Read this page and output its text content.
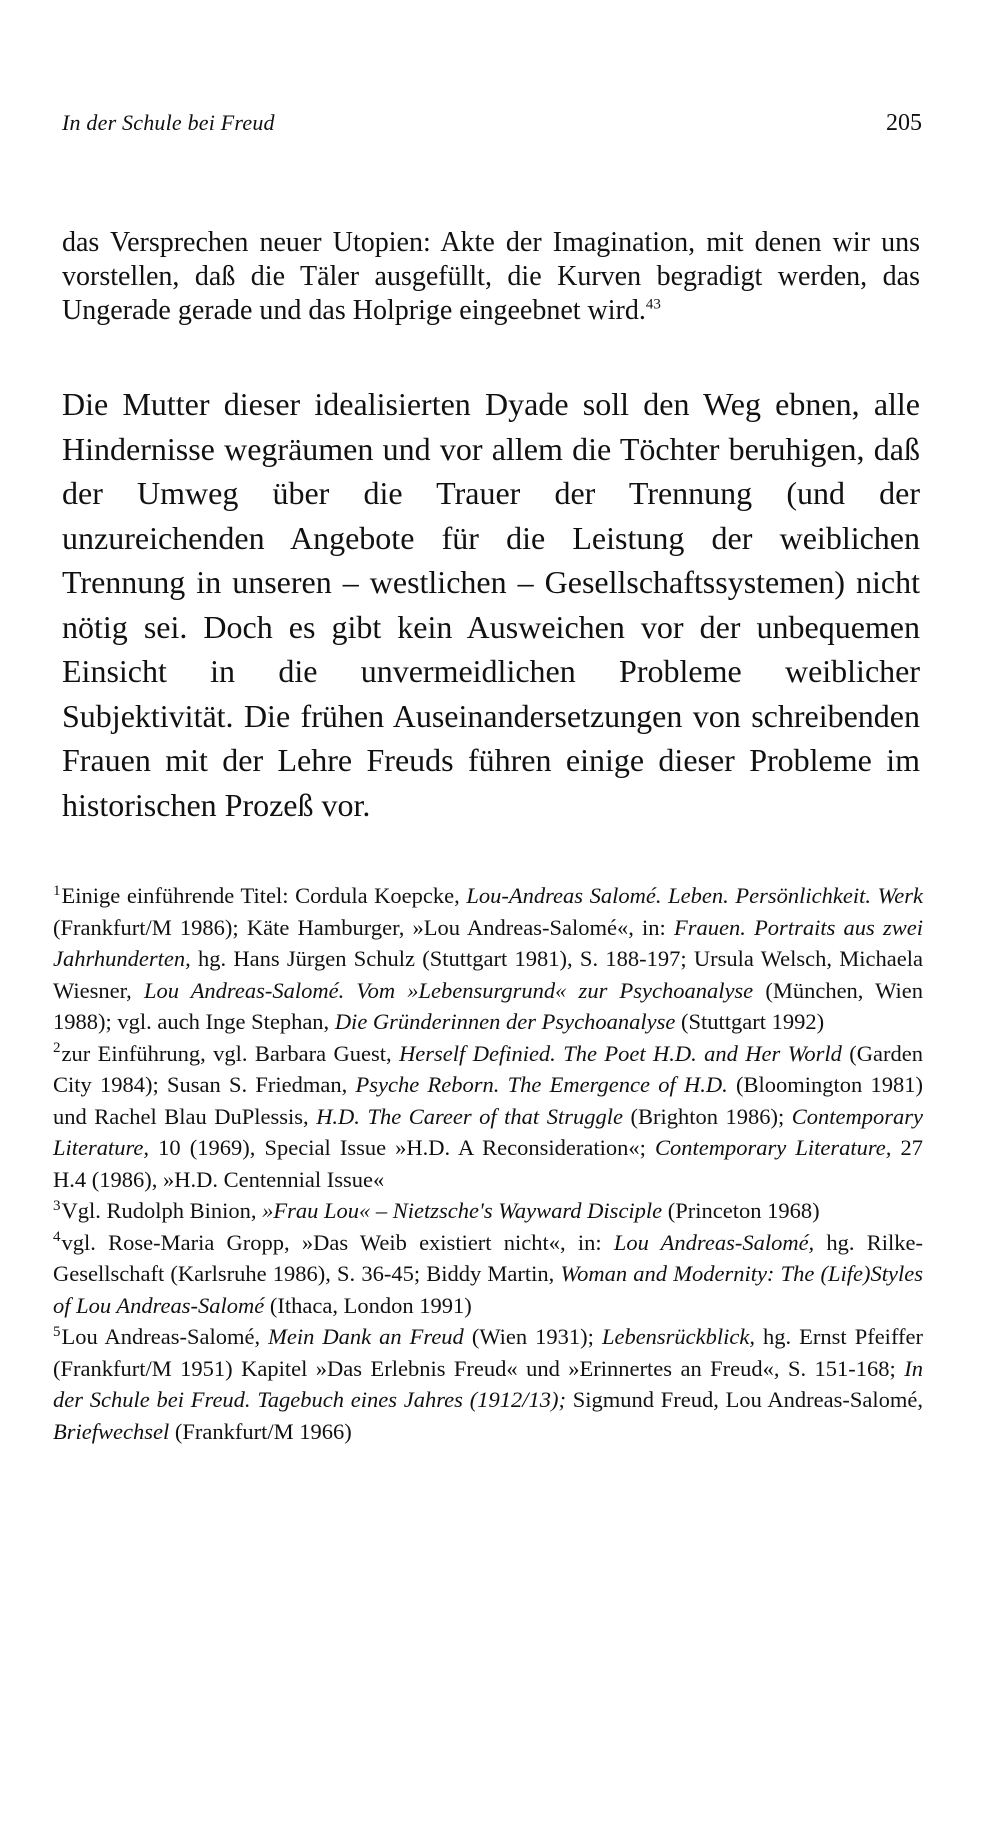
In der Schule bei Freud	205

das Versprechen neuer Utopien: Akte der Imagination, mit denen wir uns vorstellen, daß die Täler ausgefüllt, die Kurven begradigt werden, das Ungerade gerade und das Holprige eingeebnet wird.$^{43}$

Die Mutter dieser idealisierten Dyade soll den Weg ebnen, alle Hindernisse wegräumen und vor allem die Töchter beruhigen, daß der Umweg über die Trauer der Trennung (und der unzureichenden Angebote für die Leistung der weiblichen Trennung in unseren – westlichen – Gesellschaftssystemen) nicht nötig sei. Doch es gibt kein Ausweichen vor der unbequemen Einsicht in die unvermeidlichen Probleme weiblicher Subjektivität. Die frühen Auseinandersetzungen von schreibenden Frauen mit der Lehre Freuds führen einige dieser Probleme im historischen Prozeß vor.

$^1$Einige einführende Titel: Cordula Koepcke, Lou-Andreas Salomé. Leben. Persönlichkeit. Werk (Frankfurt/M 1986); Käte Hamburger, »Lou Andreas-Salomé«, in: Frauen. Portraits aus zwei Jahrhunderten, hg. Hans Jürgen Schulz (Stuttgart 1981), S. 188-197; Ursula Welsch, Michaela Wiesner, Lou Andreas-Salomé. Vom »Lebensurgrund« zur Psychoanalyse (München, Wien 1988); vgl. auch Inge Stephan, Die Gründerinnen der Psychoanalyse (Stuttgart 1992)

$^2$zur Einführung, vgl. Barbara Guest, Herself Definied. The Poet H.D. and Her World (Garden City 1984); Susan S. Friedman, Psyche Reborn. The Emergence of H.D. (Bloomington 1981) und Rachel Blau DuPlessis, H.D. The Career of that Struggle (Brighton 1986); Contemporary Literature, 10 (1969), Special Issue »H.D. A Reconsideration«; Contemporary Literature, 27 H.4 (1986), »H.D. Centennial Issue«

$^3$Vgl. Rudolph Binion, »Frau Lou« – Nietzsche's Wayward Disciple (Princeton 1968)

$^4$vgl. Rose-Maria Gropp, »Das Weib existiert nicht«, in: Lou Andreas-Salomé, hg. Rilke-Gesellschaft (Karlsruhe 1986), S. 36-45; Biddy Martin, Woman and Modernity: The (Life)Styles of Lou Andreas-Salomé (Ithaca, London 1991)

$^5$Lou Andreas-Salomé, Mein Dank an Freud (Wien 1931); Lebensrückblick, hg. Ernst Pfeiffer (Frankfurt/M 1951) Kapitel »Das Erlebnis Freud« und »Erinnertes an Freud«, S. 151-168; In der Schule bei Freud. Tagebuch eines Jahres (1912/13); Sigmund Freud, Lou Andreas-Salomé, Briefwechsel (Frankfurt/M 1966)
